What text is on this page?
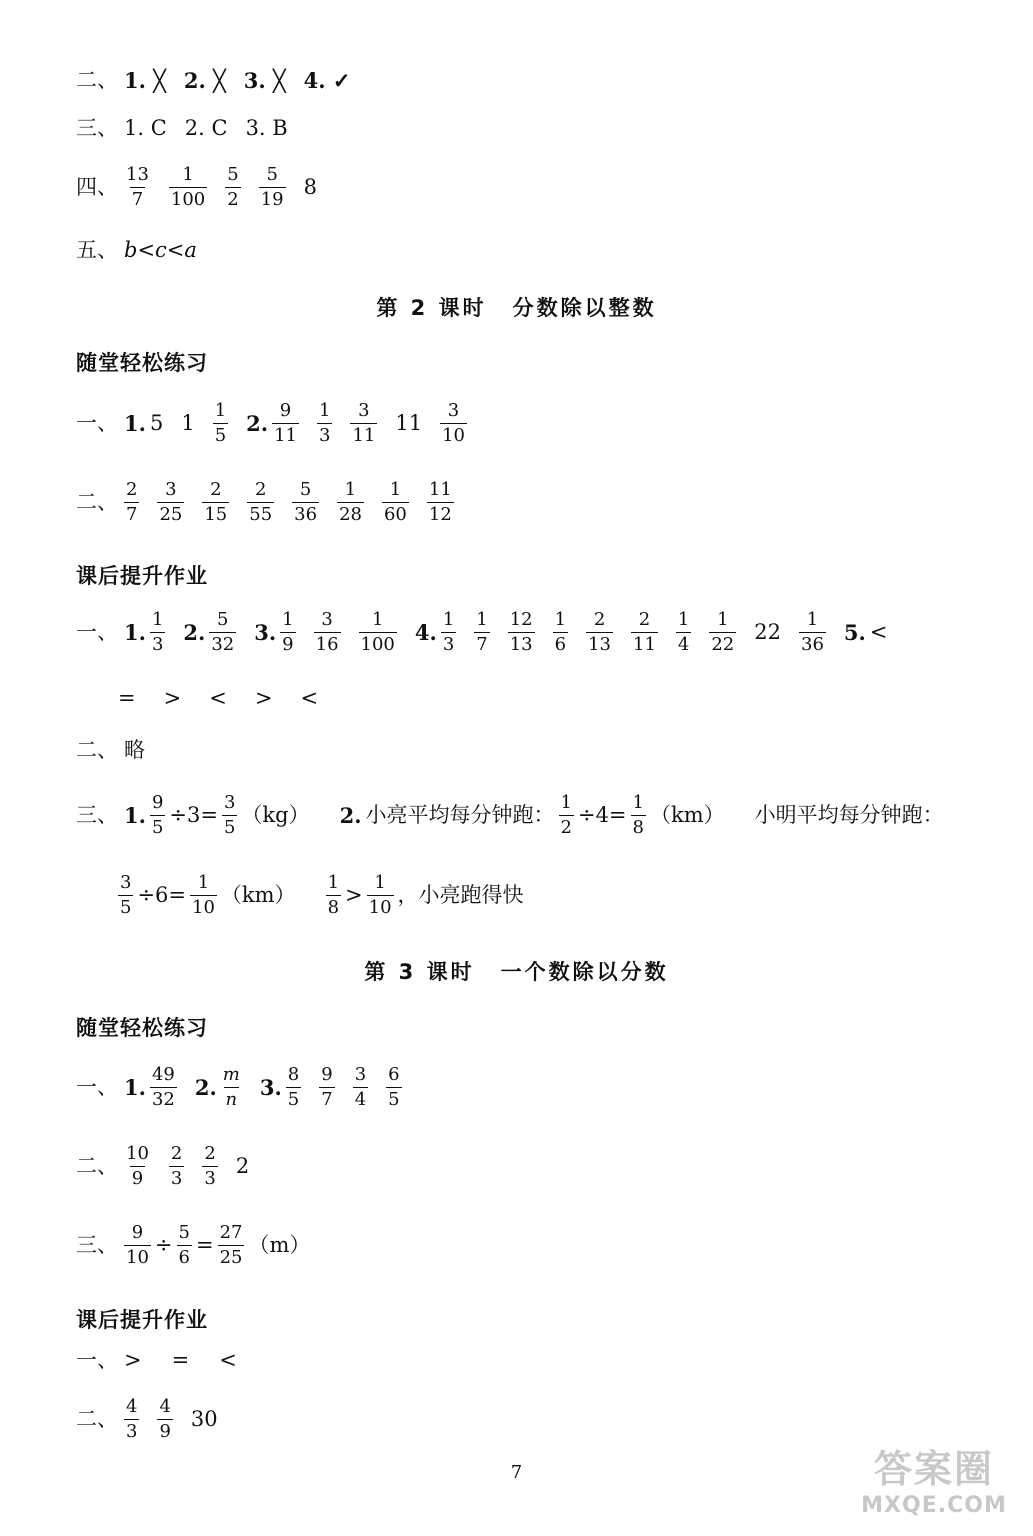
二、 1. ╳ 2. ╳ 3. ╳ 4. ✓
三、 1. C 2. C 3. B
四、 $\frac{13}{7} \frac{1}{100} \frac{5}{2} \frac{5}{19} 8$
五、 b<c<a
第 2 课时 分数除以整数
随堂轻松练习
一、 1. 5 $1 \frac{1}{5} 2$. $\frac{9}{11} \frac{1}{3} \frac{3}{11} 11 \frac{3}{10}$
二、 $\frac{2}{7} \frac{3}{25} \frac{2}{15} \frac{2}{55} \frac{5}{36} \frac{1}{28} \frac{1}{60} \frac{11}{12}$
课后提升作业
一、 1. $\frac{1}{3} 2$. $\frac{5}{32} 3$. $\frac{1}{9} \frac{3}{16} \frac{1}{100} 4$. $\frac{1}{3} \frac{1}{7} \frac{12}{13} \frac{1}{6} \frac{2}{13} \frac{2}{11} \frac{1}{4} \frac{1}{22} 22 \frac{1}{36} 5$. <
= > < > <
二、 略
三、 1. $\frac{9}{5} \div 3= \frac{3}{5} (kg)$ 2. 小亮平均每分钟跑： $\frac{1}{2} \div 4= \frac{1}{8} (km)$ 小明平均每分钟跑：
$\frac{3}{5} \div 6= \frac{1}{10} (km) \frac{1}{8} > \frac{1}{10}$ ，小亮跑得快
第 3 课时 一个数除以分数
随堂轻松练习
一、 1. $\frac{49}{32} 2$. $\frac{m}{n} 3$. $\frac{8}{5} \frac{9}{7} \frac{3}{4} \frac{6}{5}$
二、 $\frac{10}{9} \frac{2}{3} \frac{2}{3} 2$
三、 $\frac{9}{10} \div \frac{5}{6} = \frac{27}{25} (m)$
课后提升作业
一、 > = <
二、 $\frac{4}{3} \frac{4}{9} 30$
7	答案圈
MXQE.COM
